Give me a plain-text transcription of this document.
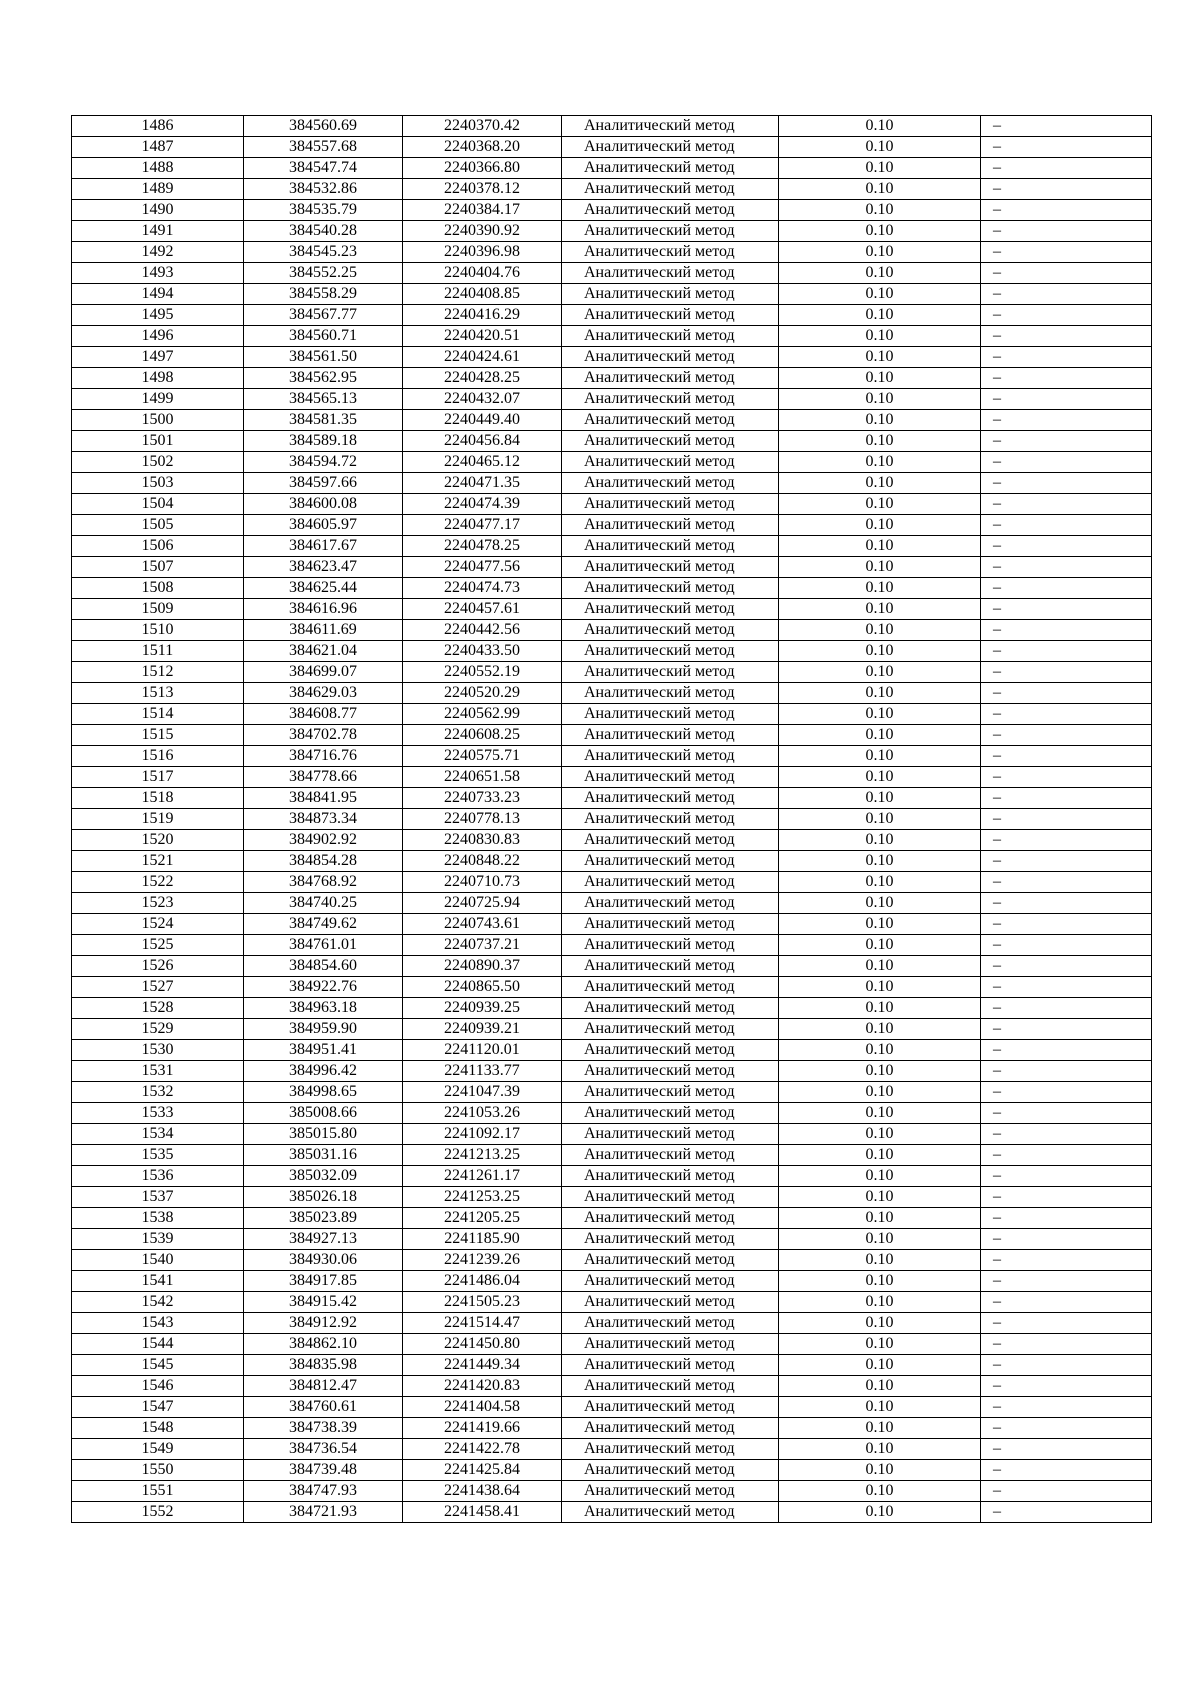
1486	384560.69	2240370.42	Аналитический метод	0.10	–
1487	384557.68	2240368.20	Аналитический метод	0.10	–
1488	384547.74	2240366.80	Аналитический метод	0.10	–
1489	384532.86	2240378.12	Аналитический метод	0.10	–
1490	384535.79	2240384.17	Аналитический метод	0.10	–
1491	384540.28	2240390.92	Аналитический метод	0.10	–
1492	384545.23	2240396.98	Аналитический метод	0.10	–
1493	384552.25	2240404.76	Аналитический метод	0.10	–
1494	384558.29	2240408.85	Аналитический метод	0.10	–
1495	384567.77	2240416.29	Аналитический метод	0.10	–
1496	384560.71	2240420.51	Аналитический метод	0.10	–
1497	384561.50	2240424.61	Аналитический метод	0.10	–
1498	384562.95	2240428.25	Аналитический метод	0.10	–
1499	384565.13	2240432.07	Аналитический метод	0.10	–
1500	384581.35	2240449.40	Аналитический метод	0.10	–
1501	384589.18	2240456.84	Аналитический метод	0.10	–
1502	384594.72	2240465.12	Аналитический метод	0.10	–
1503	384597.66	2240471.35	Аналитический метод	0.10	–
1504	384600.08	2240474.39	Аналитический метод	0.10	–
1505	384605.97	2240477.17	Аналитический метод	0.10	–
1506	384617.67	2240478.25	Аналитический метод	0.10	–
1507	384623.47	2240477.56	Аналитический метод	0.10	–
1508	384625.44	2240474.73	Аналитический метод	0.10	–
1509	384616.96	2240457.61	Аналитический метод	0.10	–
1510	384611.69	2240442.56	Аналитический метод	0.10	–
1511	384621.04	2240433.50	Аналитический метод	0.10	–
1512	384699.07	2240552.19	Аналитический метод	0.10	–
1513	384629.03	2240520.29	Аналитический метод	0.10	–
1514	384608.77	2240562.99	Аналитический метод	0.10	–
1515	384702.78	2240608.25	Аналитический метод	0.10	–
1516	384716.76	2240575.71	Аналитический метод	0.10	–
1517	384778.66	2240651.58	Аналитический метод	0.10	–
1518	384841.95	2240733.23	Аналитический метод	0.10	–
1519	384873.34	2240778.13	Аналитический метод	0.10	–
1520	384902.92	2240830.83	Аналитический метод	0.10	–
1521	384854.28	2240848.22	Аналитический метод	0.10	–
1522	384768.92	2240710.73	Аналитический метод	0.10	–
1523	384740.25	2240725.94	Аналитический метод	0.10	–
1524	384749.62	2240743.61	Аналитический метод	0.10	–
1525	384761.01	2240737.21	Аналитический метод	0.10	–
1526	384854.60	2240890.37	Аналитический метод	0.10	–
1527	384922.76	2240865.50	Аналитический метод	0.10	–
1528	384963.18	2240939.25	Аналитический метод	0.10	–
1529	384959.90	2240939.21	Аналитический метод	0.10	–
1530	384951.41	2241120.01	Аналитический метод	0.10	–
1531	384996.42	2241133.77	Аналитический метод	0.10	–
1532	384998.65	2241047.39	Аналитический метод	0.10	–
1533	385008.66	2241053.26	Аналитический метод	0.10	–
1534	385015.80	2241092.17	Аналитический метод	0.10	–
1535	385031.16	2241213.25	Аналитический метод	0.10	–
1536	385032.09	2241261.17	Аналитический метод	0.10	–
1537	385026.18	2241253.25	Аналитический метод	0.10	–
1538	385023.89	2241205.25	Аналитический метод	0.10	–
1539	384927.13	2241185.90	Аналитический метод	0.10	–
1540	384930.06	2241239.26	Аналитический метод	0.10	–
1541	384917.85	2241486.04	Аналитический метод	0.10	–
1542	384915.42	2241505.23	Аналитический метод	0.10	–
1543	384912.92	2241514.47	Аналитический метод	0.10	–
1544	384862.10	2241450.80	Аналитический метод	0.10	–
1545	384835.98	2241449.34	Аналитический метод	0.10	–
1546	384812.47	2241420.83	Аналитический метод	0.10	–
1547	384760.61	2241404.58	Аналитический метод	0.10	–
1548	384738.39	2241419.66	Аналитический метод	0.10	–
1549	384736.54	2241422.78	Аналитический метод	0.10	–
1550	384739.48	2241425.84	Аналитический метод	0.10	–
1551	384747.93	2241438.64	Аналитический метод	0.10	–
1552	384721.93	2241458.41	Аналитический метод	0.10	–
